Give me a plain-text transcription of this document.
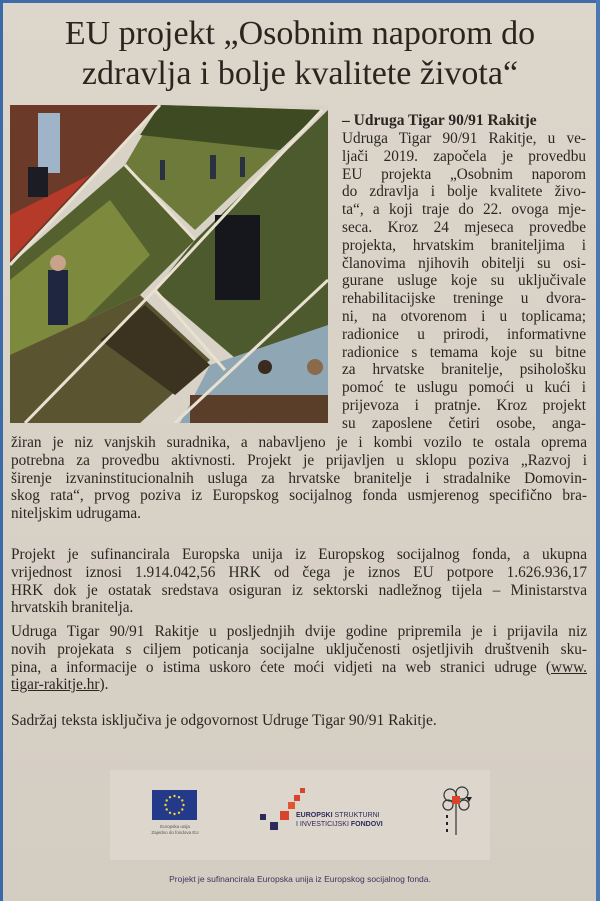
EU projekt „Osobnim naporom do
zdravlja i bolje kvalitete života“
– Udruga Tigar 90/91 Rakitje
Udruga Tigar 90/91 Rakitje, u ve-
ljači 2019. započela je provedbu
EU projekta „Osobnim naporom
do zdravlja i bolje kvalitete živo-
ta“, a koji traje do 22. ovoga mje-
seca. Kroz 24 mjeseca provedbe
projekta, hrvatskim braniteljima i
članovima njihovih obitelji su osi-
gurane usluge koje su uključivale
rehabilitacijske treninge u dvora-
ni, na otvorenom i u toplicama;
radionice u prirodi, informativne
radionice s temama koje su bitne
za hrvatske branitelje, psihološku
pomoć te uslugu pomoći u kući i
prijevoza i pratnje. Kroz projekt
su zaposlene četiri osobe, anga-
žiran je niz vanjskih suradnika, a nabavljeno je i kombi vozilo te ostala oprema
potrebna za provedbu aktivnosti. Projekt je prijavljen u sklopu poziva „Razvoj i
širenje izvaninstitucionalnih usluga za hrvatske branitelje i stradalnike Domovin-
skog rata“, prvog poziva iz Europskog socijalnog fonda usmjerenog specifično bra-
niteljskim udrugama.
Projekt je sufinancirala Europska unija iz Europskog socijalnog fonda, a ukupna
vrijednost iznosi 1.914.042,56 HRK od čega je iznos EU potpore 1.626.936,17
HRK dok je ostatak sredstava osiguran iz sektorski nadležnog tijela – Ministarstva
hrvatskih branitelja.
Udruga Tigar 90/91 Rakitje u posljednjih dvije godine pripremila je i prijavila niz
novih projekata s ciljem poticanja socijalne uključenosti osjetljivih društvenih sku-
pina, a informacije o istima uskoro ćete moći vidjeti na web stranici udruge (www.
tigar-rakitje.hr).
Sadržaj teksta isključiva je odgovornost Udruge Tigar 90/91 Rakitje.
Europska unija
Zajedno do fondova EU
EUROPSKI STRUKTURNI
I INVESTICIJSKI FONDOVI
Projekt je sufinancirala Europska unija iz Europskog socijalnog fonda.
